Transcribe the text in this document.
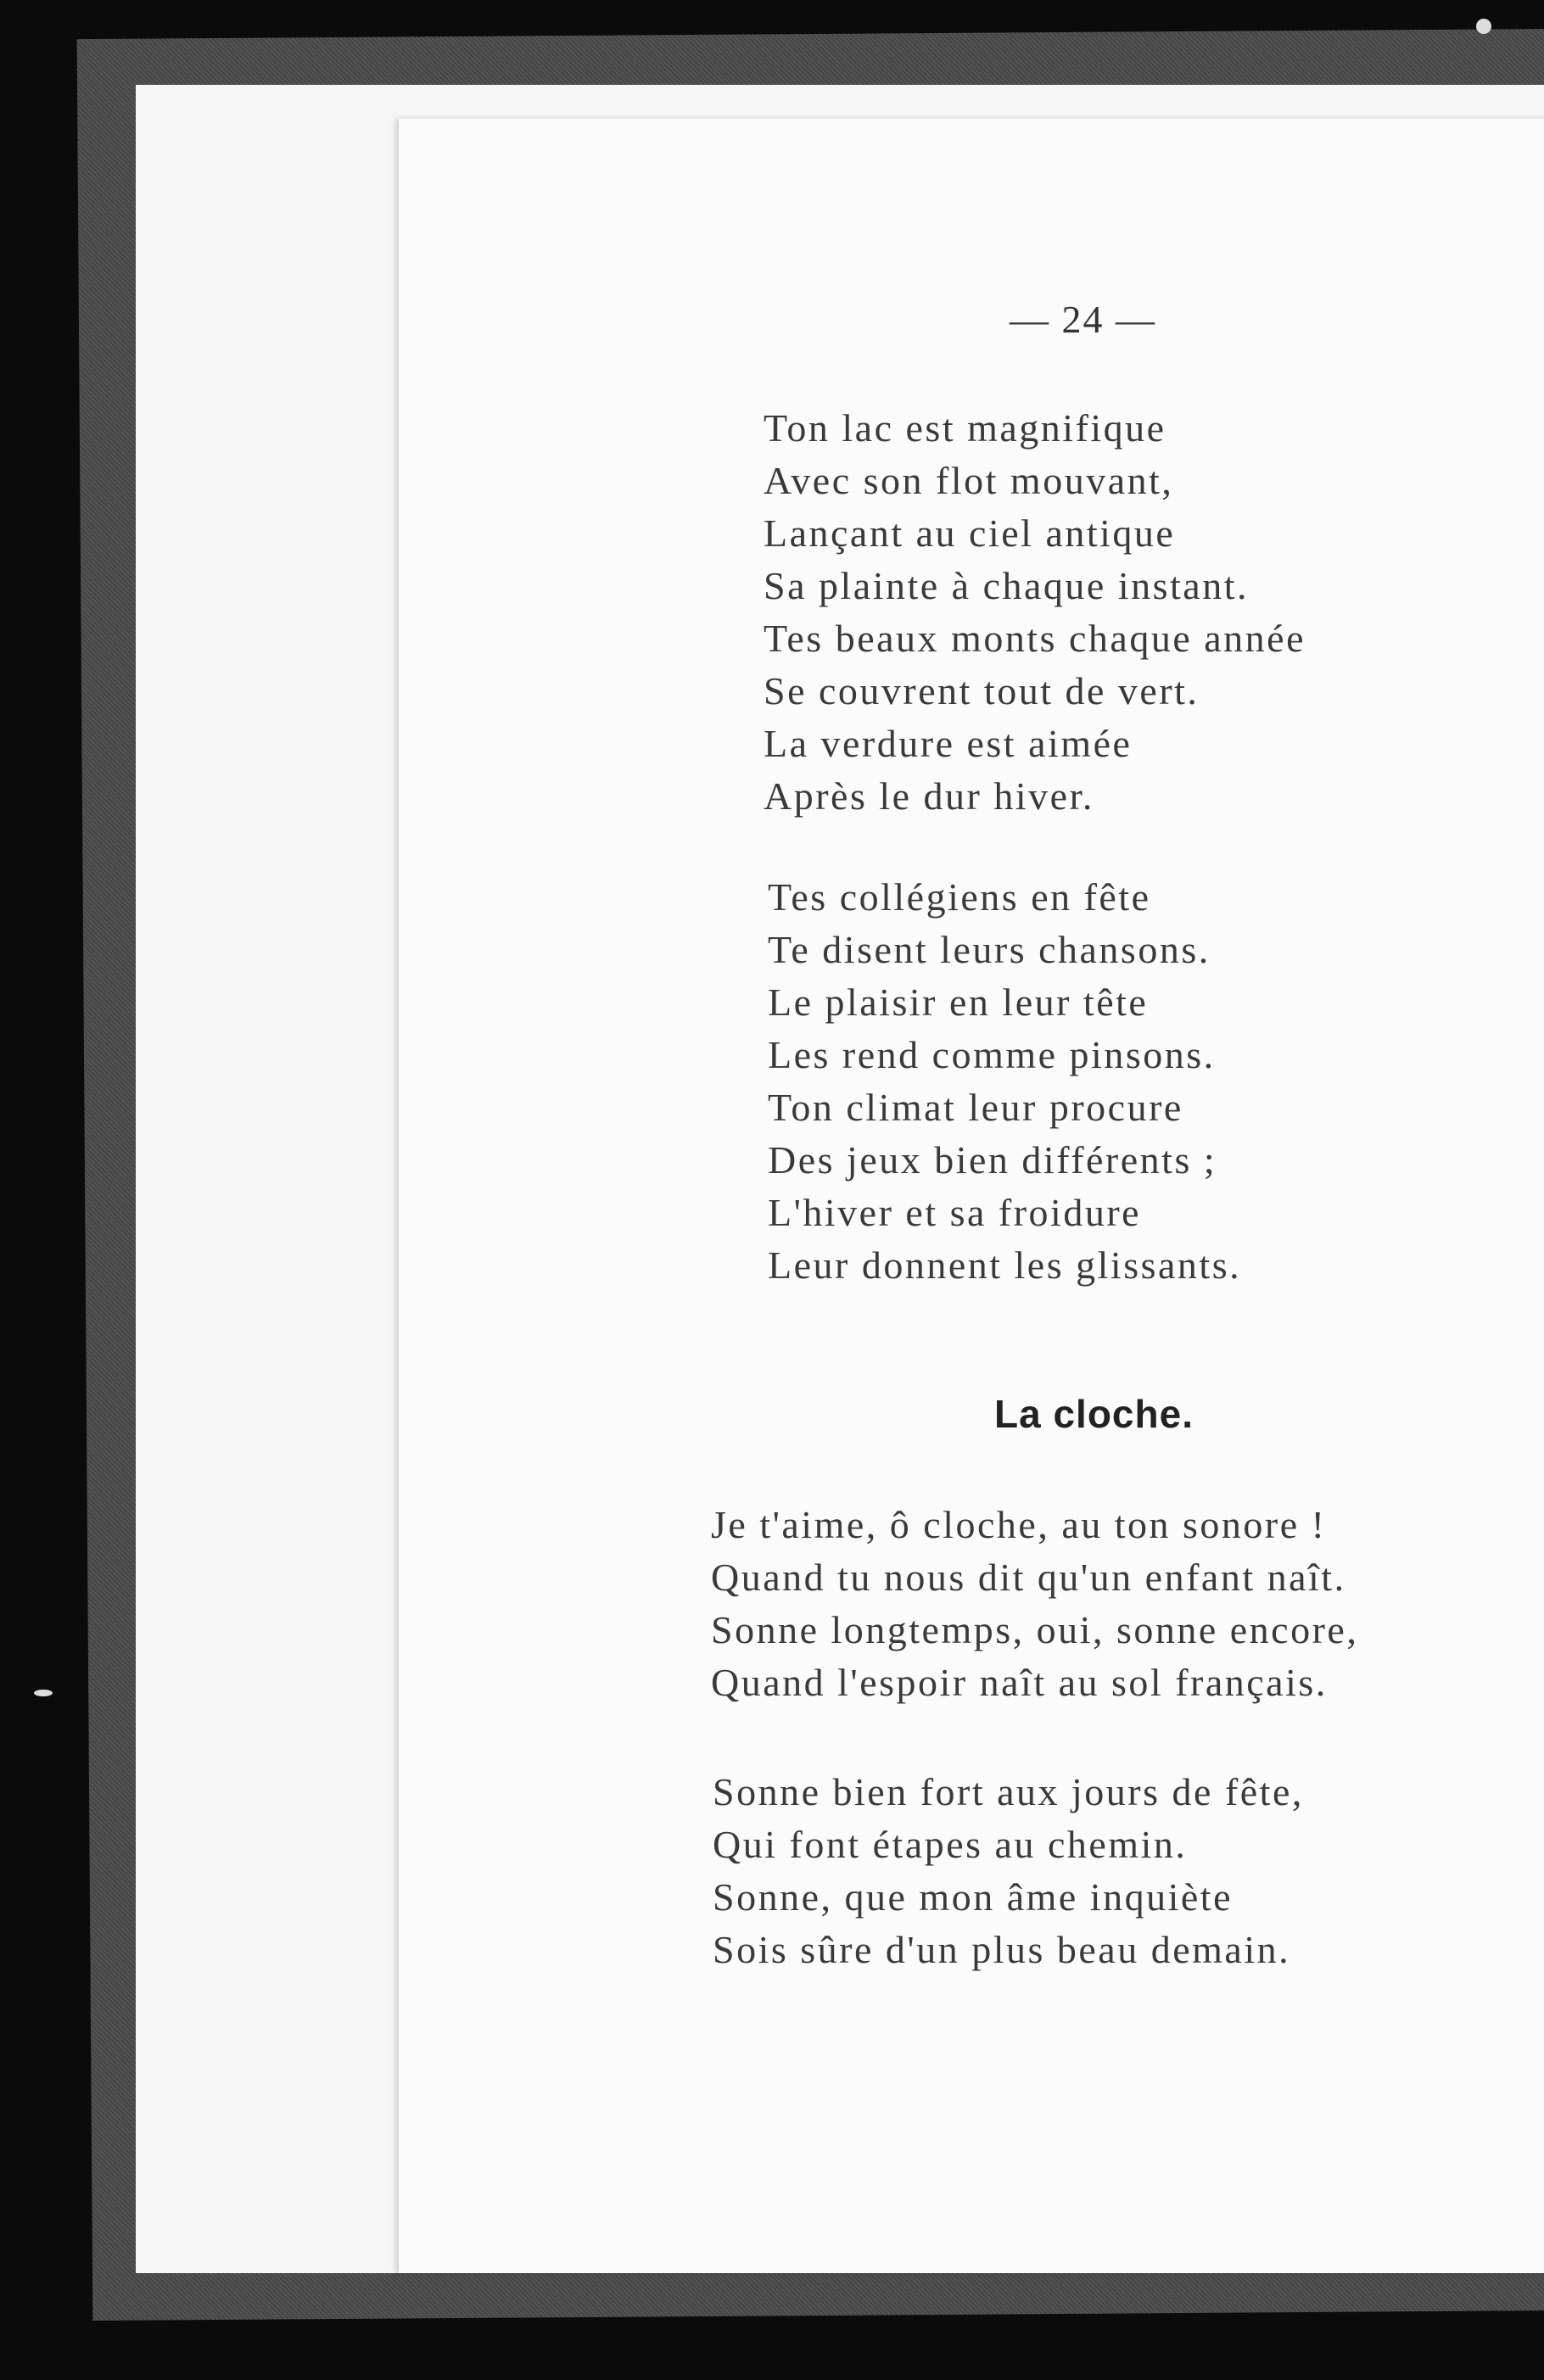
— 24 —

Ton lac est magnifique

Avec son flot mouvant,

Lançant au ciel antique

Sa plainte à chaque instant.

Tes beaux monts chaque année

Se couvrent tout de vert.

La verdure est aimée

Après le dur hiver.

Tes collégiens en fête

Te disent leurs chansons.

Le plaisir en leur tête

Les rend comme pinsons.

Ton climat leur procure

Des jeux bien différents ;

L'hiver et sa froidure

Leur donnent les glissants.

La cloche.

Je t'aime, ô cloche, au ton sonore !

Quand tu nous dit qu'un enfant naît.

Sonne longtemps, oui, sonne encore,

Quand l'espoir naît au sol français.

Sonne bien fort aux jours de fête,

Qui font étapes au chemin.

Sonne, que mon âme inquiète

Sois sûre d'un plus beau demain.
